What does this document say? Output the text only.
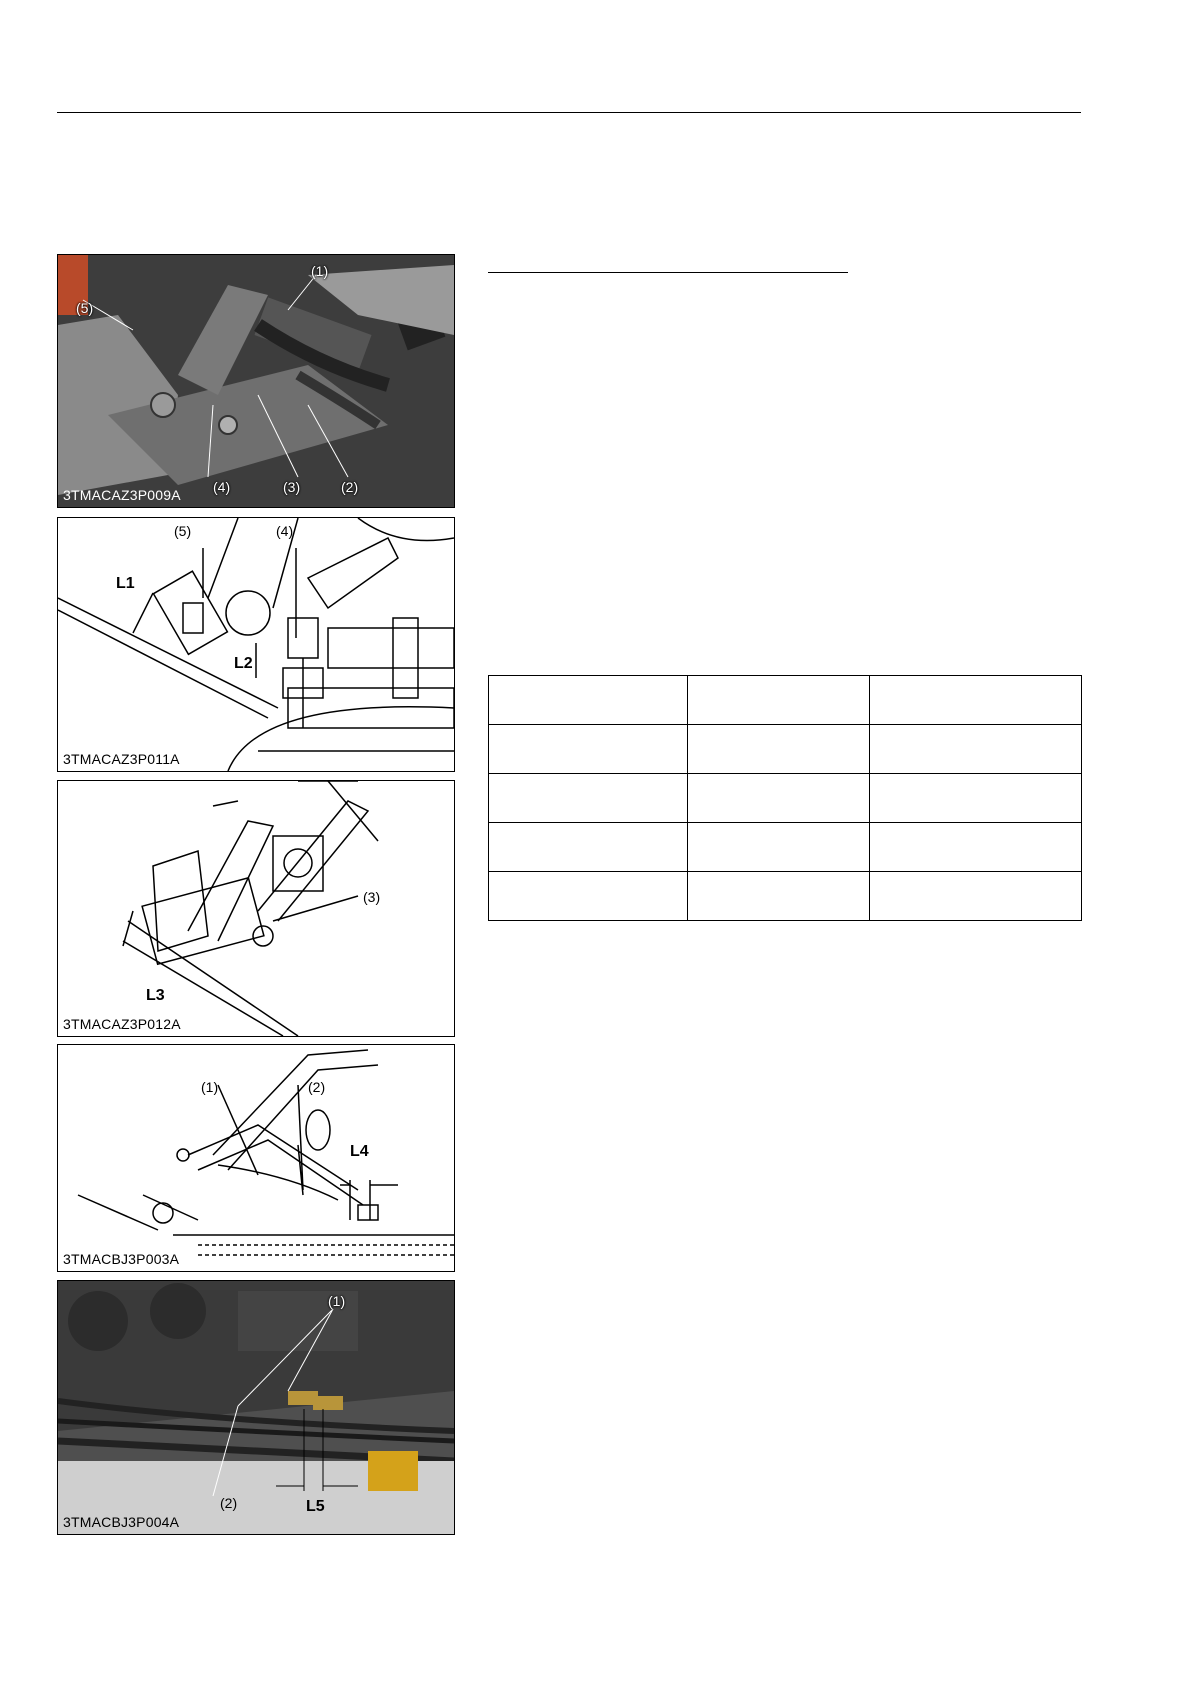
(1)
(5)
(4)	(3)	(2)
3TMACAZ3P009A
(5)	(4)
L1
L2
3TMACAZ3P011A
(3)
L3
3TMACAZ3P012A
(1)	(2)
L4
3TMACBJ3P003A
(1)
(2)	L5
3TMACBJ3P004A
